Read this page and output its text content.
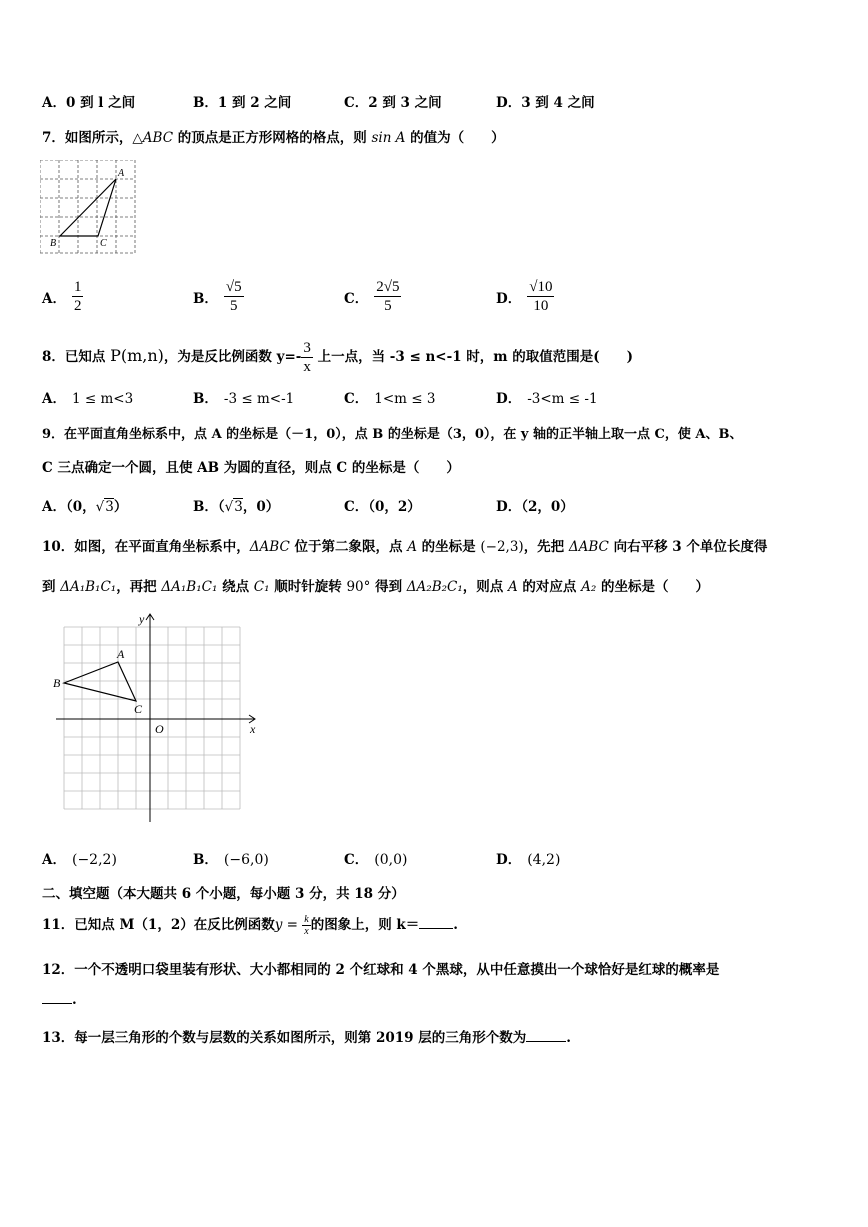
A．0 到 l 之间	B．1 到 2 之间	C．2 到 3 之间	D．3 到 4 之间
7．如图所示，△ABC 的顶点是正方形网格的格点，则 sin A 的值为（　　）
A
B	C
A． $\frac{1}{2}$	B． $\frac{√5}{5}$	C． $\frac{2√5}{5}$	D． $\frac{√10}{10}$
8．已知点 P(m,n)，为是反比例函数 $y=- \frac{3}{x}$ 上一点，当 -3 ≤ n<-1 时，m 的取值范围是(　　)
A． 1 ≤ m<3	B． -3 ≤ m<-1	C． 1<m ≤ 3	D． -3<m ≤ -1
9．在平面直角坐标系中，点 A 的坐标是（－1，0），点 B 的坐标是（3，0），在 y 轴的正半轴上取一点 C，使 A、B、
C 三点确定一个圆，且使 AB 为圆的直径，则点 C 的坐标是（　　）
A．（0，√3）	B．（√3，0）	C．（0，2）	D．（2，0）
10．如图，在平面直角坐标系中，ΔABC 位于第二象限，点 A 的坐标是 (−2,3)，先把 ΔABC 向右平移 3 个单位长度得
到 ΔA₁B₁C₁，再把 ΔA₁B₁C₁ 绕点 C₁ 顺时针旋转 90° 得到 ΔA₂B₂C₁，则点 A 的对应点 A₂ 的坐标是（　　）
A
B
C
O	x
y
A． (−2,2)	B． (−6,0)	C． (0,0)	D． (4,2)
二、填空题（本大题共 6 个小题，每小题 3 分，共 18 分）
11．已知点 M（1，2）在反比例函数$y = \frac{k}{x}$ 的图象上，则 k＝	.
12．一个不透明口袋里装有形状、大小都相同的 2 个红球和 4 个黑球，从中任意摸出一个球恰好是红球的概率是
.
13．每一层三角形的个数与层数的关系如图所示，则第 2019 层的三角形个数为	.
